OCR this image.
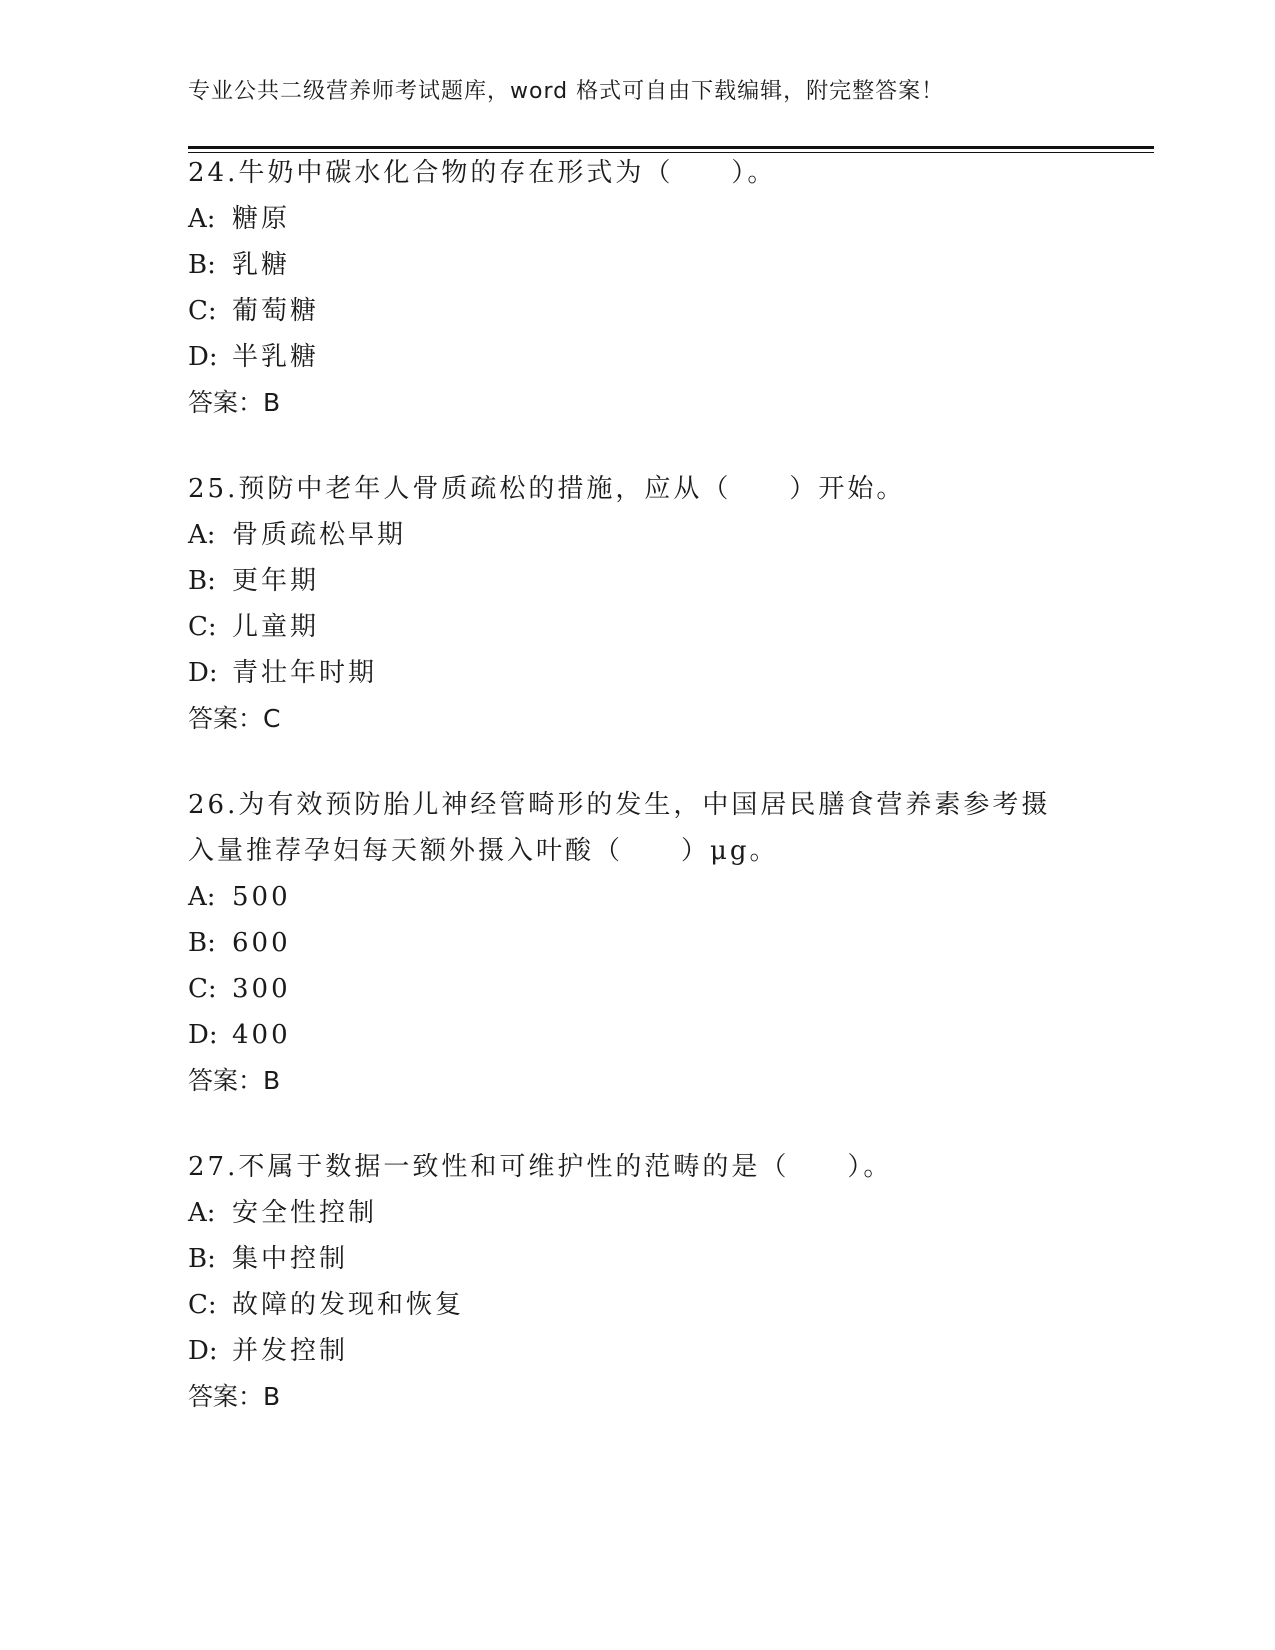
专业公共二级营养师考试题库，word 格式可自由下载编辑，附完整答案！

24.牛奶中碳水化合物的存在形式为（　　）。

A: 糖原

B: 乳糖

C: 葡萄糖

D: 半乳糖

答案：B

25.预防中老年人骨质疏松的措施，应从（　　）开始。

A: 骨质疏松早期

B: 更年期

C: 儿童期

D: 青壮年时期

答案：C

26.为有效预防胎儿神经管畸形的发生，中国居民膳食营养素参考摄入量推荐孕妇每天额外摄入叶酸（　　）μg。

A: 500

B: 600

C: 300

D: 400

答案：B

27.不属于数据一致性和可维护性的范畴的是（　　）。

A: 安全性控制

B: 集中控制

C: 故障的发现和恢复

D: 并发控制

答案：B
